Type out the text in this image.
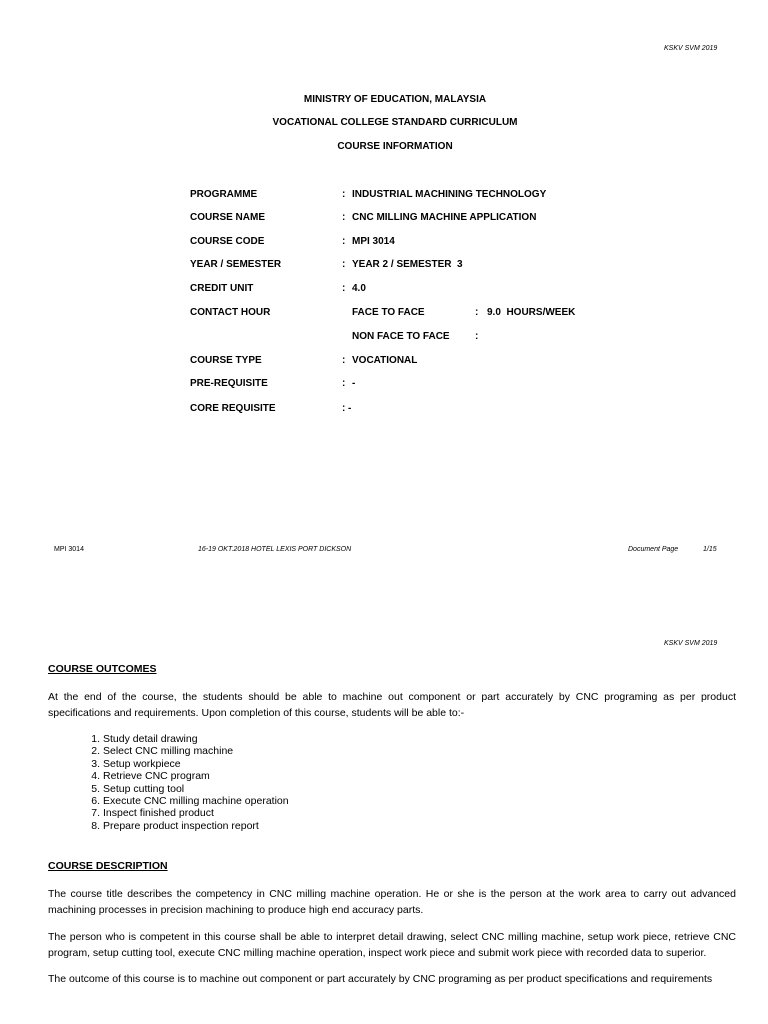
KSKV SVM 2019
MINISTRY OF EDUCATION, MALAYSIA
VOCATIONAL COLLEGE STANDARD CURRICULUM
COURSE INFORMATION
PROGRAMME	: INDUSTRIAL MACHINING TECHNOLOGY
COURSE NAME	: CNC MILLING MACHINE APPLICATION
COURSE CODE	: MPI 3014
YEAR / SEMESTER	: YEAR 2 / SEMESTER  3
CREDIT UNIT	: 4.0
CONTACT HOUR	FACE TO FACE	: 9.0  HOURS/WEEK
NON FACE TO FACE	:
COURSE TYPE	: VOCATIONAL
PRE-REQUISITE	: -
CORE REQUISITE	: -
MPI 3014	16-19 OKT.2018 HOTEL LEXIS PORT DICKSON	Document Page	1/15
KSKV SVM 2019
COURSE OUTCOMES
At the end of the course, the students should be able to machine out component or part accurately by CNC programing as per product specifications and requirements. Upon completion of this course, students will be able to:-
1. Study detail drawing
2. Select CNC milling machine
3. Setup workpiece
4. Retrieve CNC program
5. Setup cutting tool
6. Execute CNC milling machine operation
7. Inspect finished product
8. Prepare product inspection report
COURSE DESCRIPTION
The course title describes the competency in CNC milling machine operation. He or she is the person at the work area to carry out advanced machining processes in precision machining to produce high end accuracy parts.
The person who is competent in this course shall be able to interpret detail drawing, select CNC milling machine, setup work piece, retrieve CNC program, setup cutting tool, execute CNC milling machine operation, inspect work piece and submit work piece with recorded data to superior.
The outcome of this course is to machine out component or part accurately by CNC programing as per product specifications and requirements
